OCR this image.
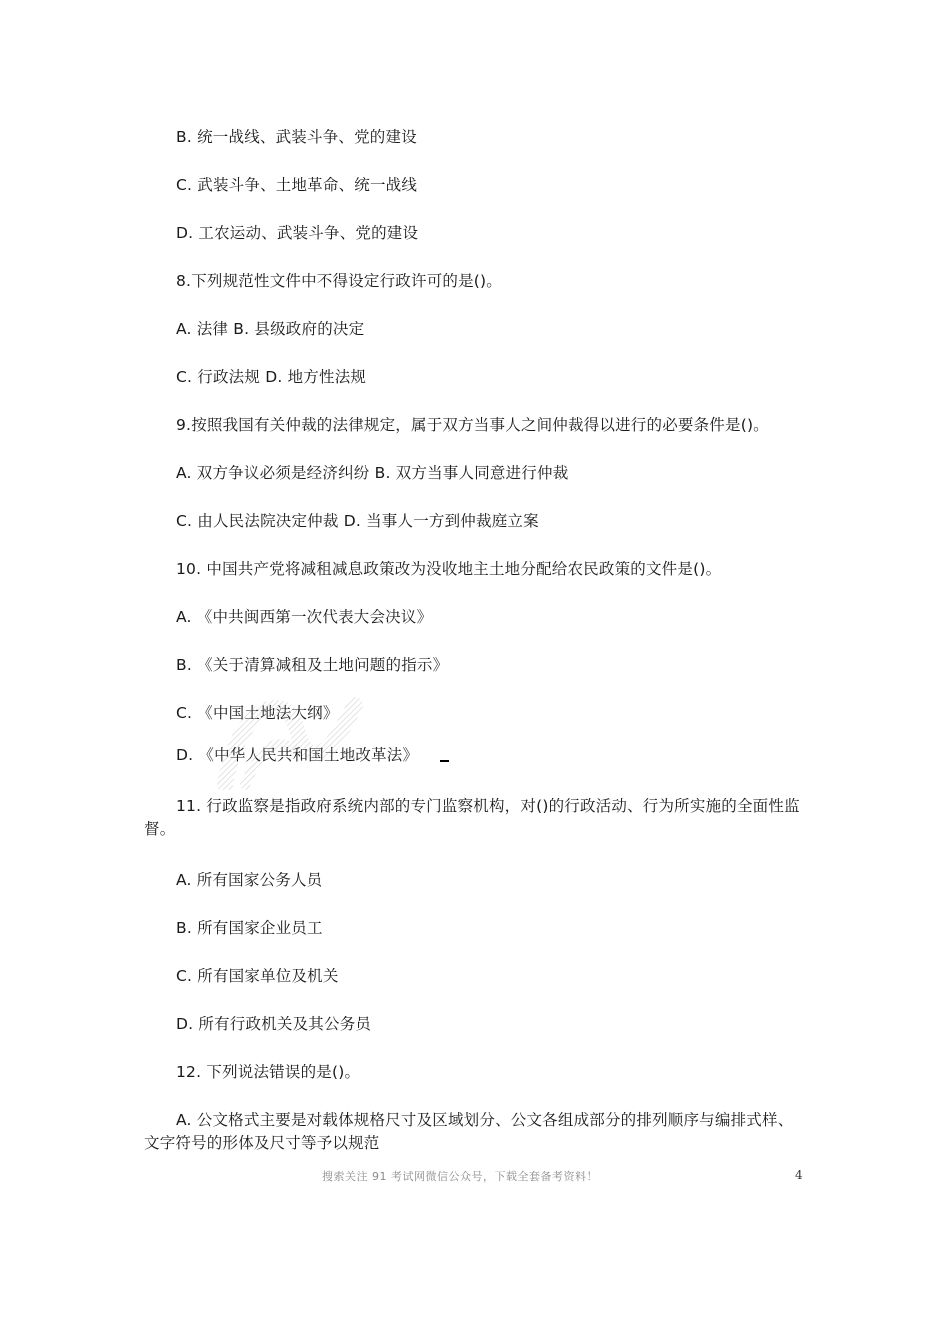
B. 统一战线、武装斗争、党的建设
C. 武装斗争、土地革命、统一战线
D. 工农运动、武装斗争、党的建设
8.下列规范性文件中不得设定行政许可的是()。
A. 法律 B. 县级政府的决定
C. 行政法规 D. 地方性法规
9.按照我国有关仲裁的法律规定，属于双方当事人之间仲裁得以进行的必要条件是()。
A. 双方争议必须是经济纠纷 B. 双方当事人同意进行仲裁
C. 由人民法院决定仲裁 D. 当事人一方到仲裁庭立案
10. 中国共产党将减租减息政策改为没收地主土地分配给农民政策的文件是()。
A. 《中共闽西第一次代表大会决议》
B. 《关于清算减租及土地问题的指示》
C. 《中国土地法大纲》
D. 《中华人民共和国土地改革法》
11. 行政监察是指政府系统内部的专门监察机构，对()的行政活动、行为所实施的全面性监督。
A. 所有国家公务人员
B. 所有国家企业员工
C. 所有国家单位及机关
D. 所有行政机关及其公务员
12. 下列说法错误的是()。
A. 公文格式主要是对载体规格尺寸及区域划分、公文各组成部分的排列顺序与编排式样、文字符号的形体及尺寸等予以规范
搜索关注 91 考试网微信公众号，下载全套备考资料！	4
